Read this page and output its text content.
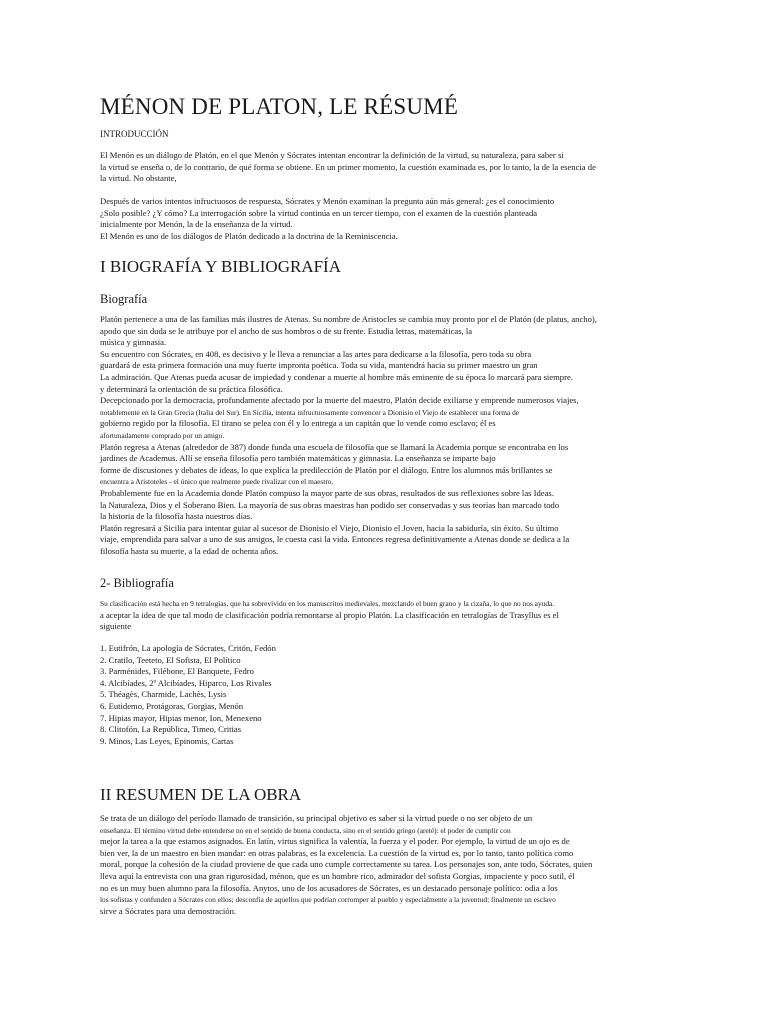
MÉNON DE PLATON, LE RÉSUMÉ
INTRODUCCIÓN
El Menón es un diálogo de Platón, en el que Menón y Sócrates intentan encontrar la definición de la virtud, su naturaleza, para saber si
la virtud se enseña o, de lo contrario, de qué forma se obtiene. En un primer momento, la cuestión examinada es, por lo tanto, la de la esencia de
la virtud. No obstante,
Después de varios intentos infructuosos de respuesta, Sócrates y Menón examinan la pregunta aún más general: ¿es el conocimiento
¿Solo posible? ¿Y cómo? La interrogación sobre la virtud continúa en un tercer tiempo, con el examen de la cuestión planteada
inicialmente por Menón, la de la enseñanza de la virtud.
El Menón es uno de los diálogos de Platón dedicado a la doctrina de la Reminiscencia.
I BIOGRAFÍA Y BIBLIOGRAFÍA
Biografía
Platón pertenece a una de las familias más ilustres de Atenas. Su nombre de Aristocles se cambia muy pronto por el de Platón (de platus, ancho),
apodo que sin duda se le atribuye por el ancho de sus hombros o de su frente. Estudia letras, matemáticas, la
música y gimnasia.
Su encuentro con Sócrates, en 408, es decisivo y le lleva a renunciar a las artes para dedicarse a la filosofía, pero toda su obra
guardará de esta primera formación una muy fuerte impronta poética. Toda su vida, mantendrá hacia su primer maestro un gran
La admiración. Que Atenas pueda acusar de impiedad y condenar a muerte al hombre más eminente de su época lo marcará para siempre.
y determinará la orientación de su práctica filosófica.
Decepcionado por la democracia, profundamente afectado por la muerte del maestro, Platón decide exiliarse y emprende numerosos viajes,
notablemente en la Gran Grecia (Italia del Sur). En Sicilia, intenta infructuosamente convencer a Dionisio el Viejo de establecer una forma de
gobierno regido por la filosofía. El tirano se pelea con él y lo entrega a un capitán que lo vende como esclavo; él es
afortunadamente comprado por un amigo.
Platón regresa a Atenas (alrededor de 387) donde funda una escuela de filosofía que se llamará la Academia porque se encontraba en los
jardines de Academus. Allí se enseña filosofía pero también matemáticas y gimnasia. La enseñanza se imparte bajo
forme de discusiones y debates de ideas, lo que explica la predilección de Platón por el diálogo. Entre los alumnos más brillantes se
encuentra a Aristoteles - el único que realmente puede rivalizar con el maestro.
Probablemente fue en la Academia donde Platón compuso la mayor parte de sus obras, resultados de sus reflexiones sobre las Ideas.
la Naturaleza, Dios y el Soberano Bien. La mayoría de sus obras maestras han podido ser conservadas y sus teorías han marcado todo
la historia de la filosofía hasta nuestros días.
Platón regresará a Sicilia para intentar guiar al sucesor de Dionisio el Viejo, Dionisio el Joven, hacia la sabiduría, sin éxito. Su último
viaje, emprendida para salvar a uno de sus amigos, le cuesta casi la vida. Entonces regresa definitivamente a Atenas donde se dedica a la
filosofía hasta su muerte, a la edad de ochenta años.
2- Bibliografía
Su clasificación está hecha en 9 tetralogías, que ha sobrevivido en los manuscritos medievales, mezclando el buen grano y la cizaña, lo que no nos ayuda.
a aceptar la idea de que tal modo de clasificación podría remontarse al propio Platón. La clasificación en tetralogías de Trasyllus es el
siguiente
1. Eutifrón, La apología de Sócrates, Critón, Fedón
2. Cratilo, Teeteto, El Sofista, El Político
3. Parménides, Filébone, El Banquete, Fedro
4. Alcibíades, 2º Alcibíades, Hiparco, Los Rivales
5. Théagès, Charmide, Lachès, Lysis
6. Eutidemo, Protágoras, Gorgias, Menón
7. Hipias mayor, Hipias menor, Ion, Menexeno
8. Clitofón, La República, Timeo, Critias
9. Minos, Las Leyes, Epinomis, Cartas
II RESUMEN DE LA OBRA
Se trata de un diálogo del período llamado de transición, su principal objetivo es saber si la virtud puede o no ser objeto de un
enseñanza. El término virtud debe entenderse no en el sentido de buena conducta, sino en el sentido griego (areté): el poder de cumplir con
mejor la tarea a la que estamos asignados. En latín, virtus significa la valentía, la fuerza y el poder. Por ejemplo, la virtud de un ojo es de
bien ver, la de un maestro en bien mandar: en otras palabras, es la excelencia. La cuestión de la virtud es, por lo tanto, tanto política como
moral, porque la cohesión de la ciudad proviene de que cada uno cumple correctamente su tarea. Los personajes son, ante todo, Sócrates, quien
lleva aquí la entrevista con una gran rigurosidad, ménon, que es un hombre rico, admirador del sofista Gorgias, impaciente y poco sutil, él
no es un muy buen alumno para la filosofía. Anytos, uno de los acusadores de Sócrates, es un destacado personaje político: odia a los
los sofistas y confunden a Sócrates con ellos; desconfía de aquellos que podrían corromper al pueblo y especialmente a la juventud; finalmente un esclavo
sirve a Sócrates para una demostración.
